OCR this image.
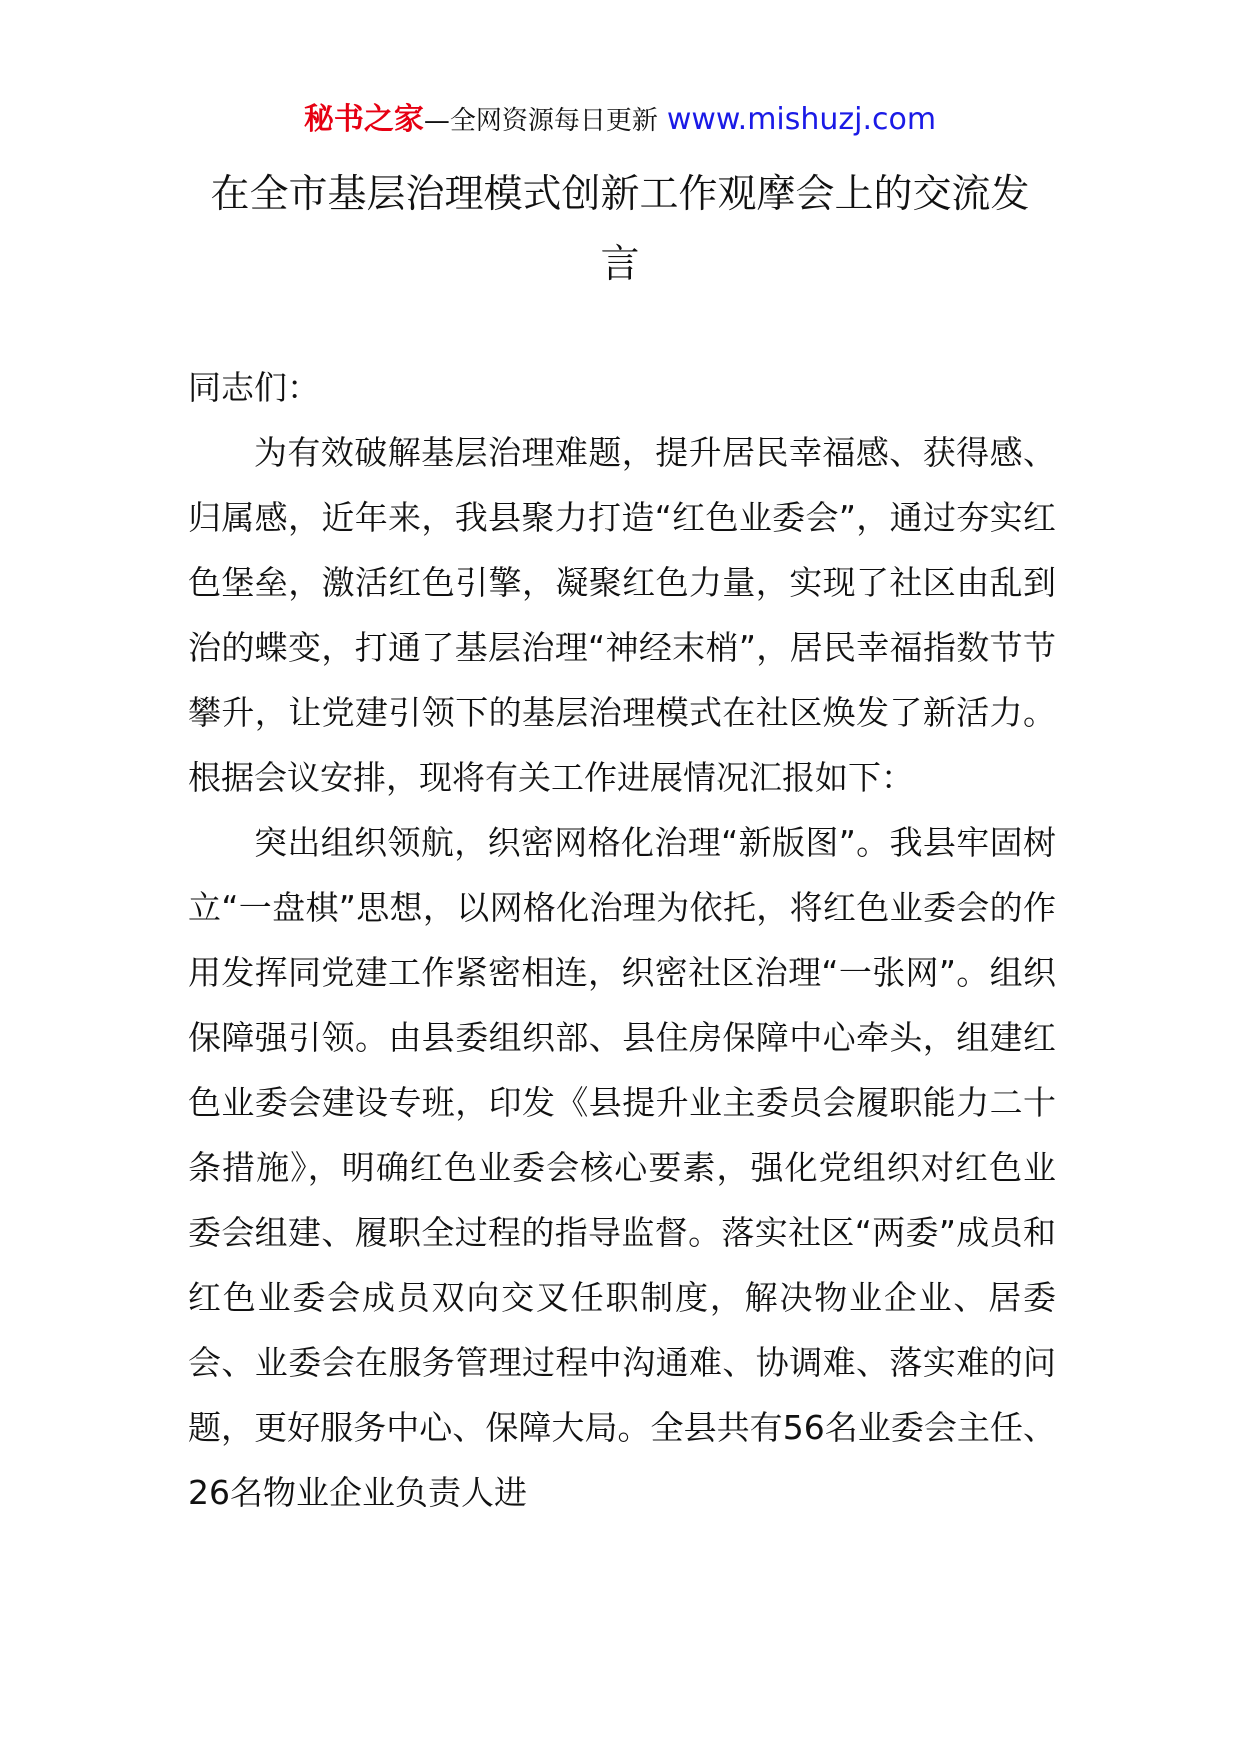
秘书之家—全网资源每日更新 www.mishuzj.com
在全市基层治理模式创新工作观摩会上的交流发言

同志们：

为有效破解基层治理难题，提升居民幸福感、获得感、归属感，近年来，我县聚力打造“红色业委会”，通过夯实红色堡垒，激活红色引擎，凝聚红色力量，实现了社区由乱到治的蝶变，打通了基层治理“神经末梢”，居民幸福指数节节攀升，让党建引领下的基层治理模式在社区焕发了新活力。根据会议安排，现将有关工作进展情况汇报如下：

突出组织领航，织密网格化治理“新版图”。我县牢固树立“一盘棋”思想，以网格化治理为依托，将红色业委会的作用发挥同党建工作紧密相连，织密社区治理“一张网”。组织保障强引领。由县委组织部、县住房保障中心牵头，组建红色业委会建设专班，印发《县提升业主委员会履职能力二十条措施》，明确红色业委会核心要素，强化党组织对红色业委会组建、履职全过程的指导监督。落实社区“两委”成员和红色业委会成员双向交叉任职制度，解决物业企业、居委会、业委会在服务管理过程中沟通难、协调难、落实难的问题，更好服务中心、保障大局。全县共有56名业委会主任、26名物业企业负责人进
